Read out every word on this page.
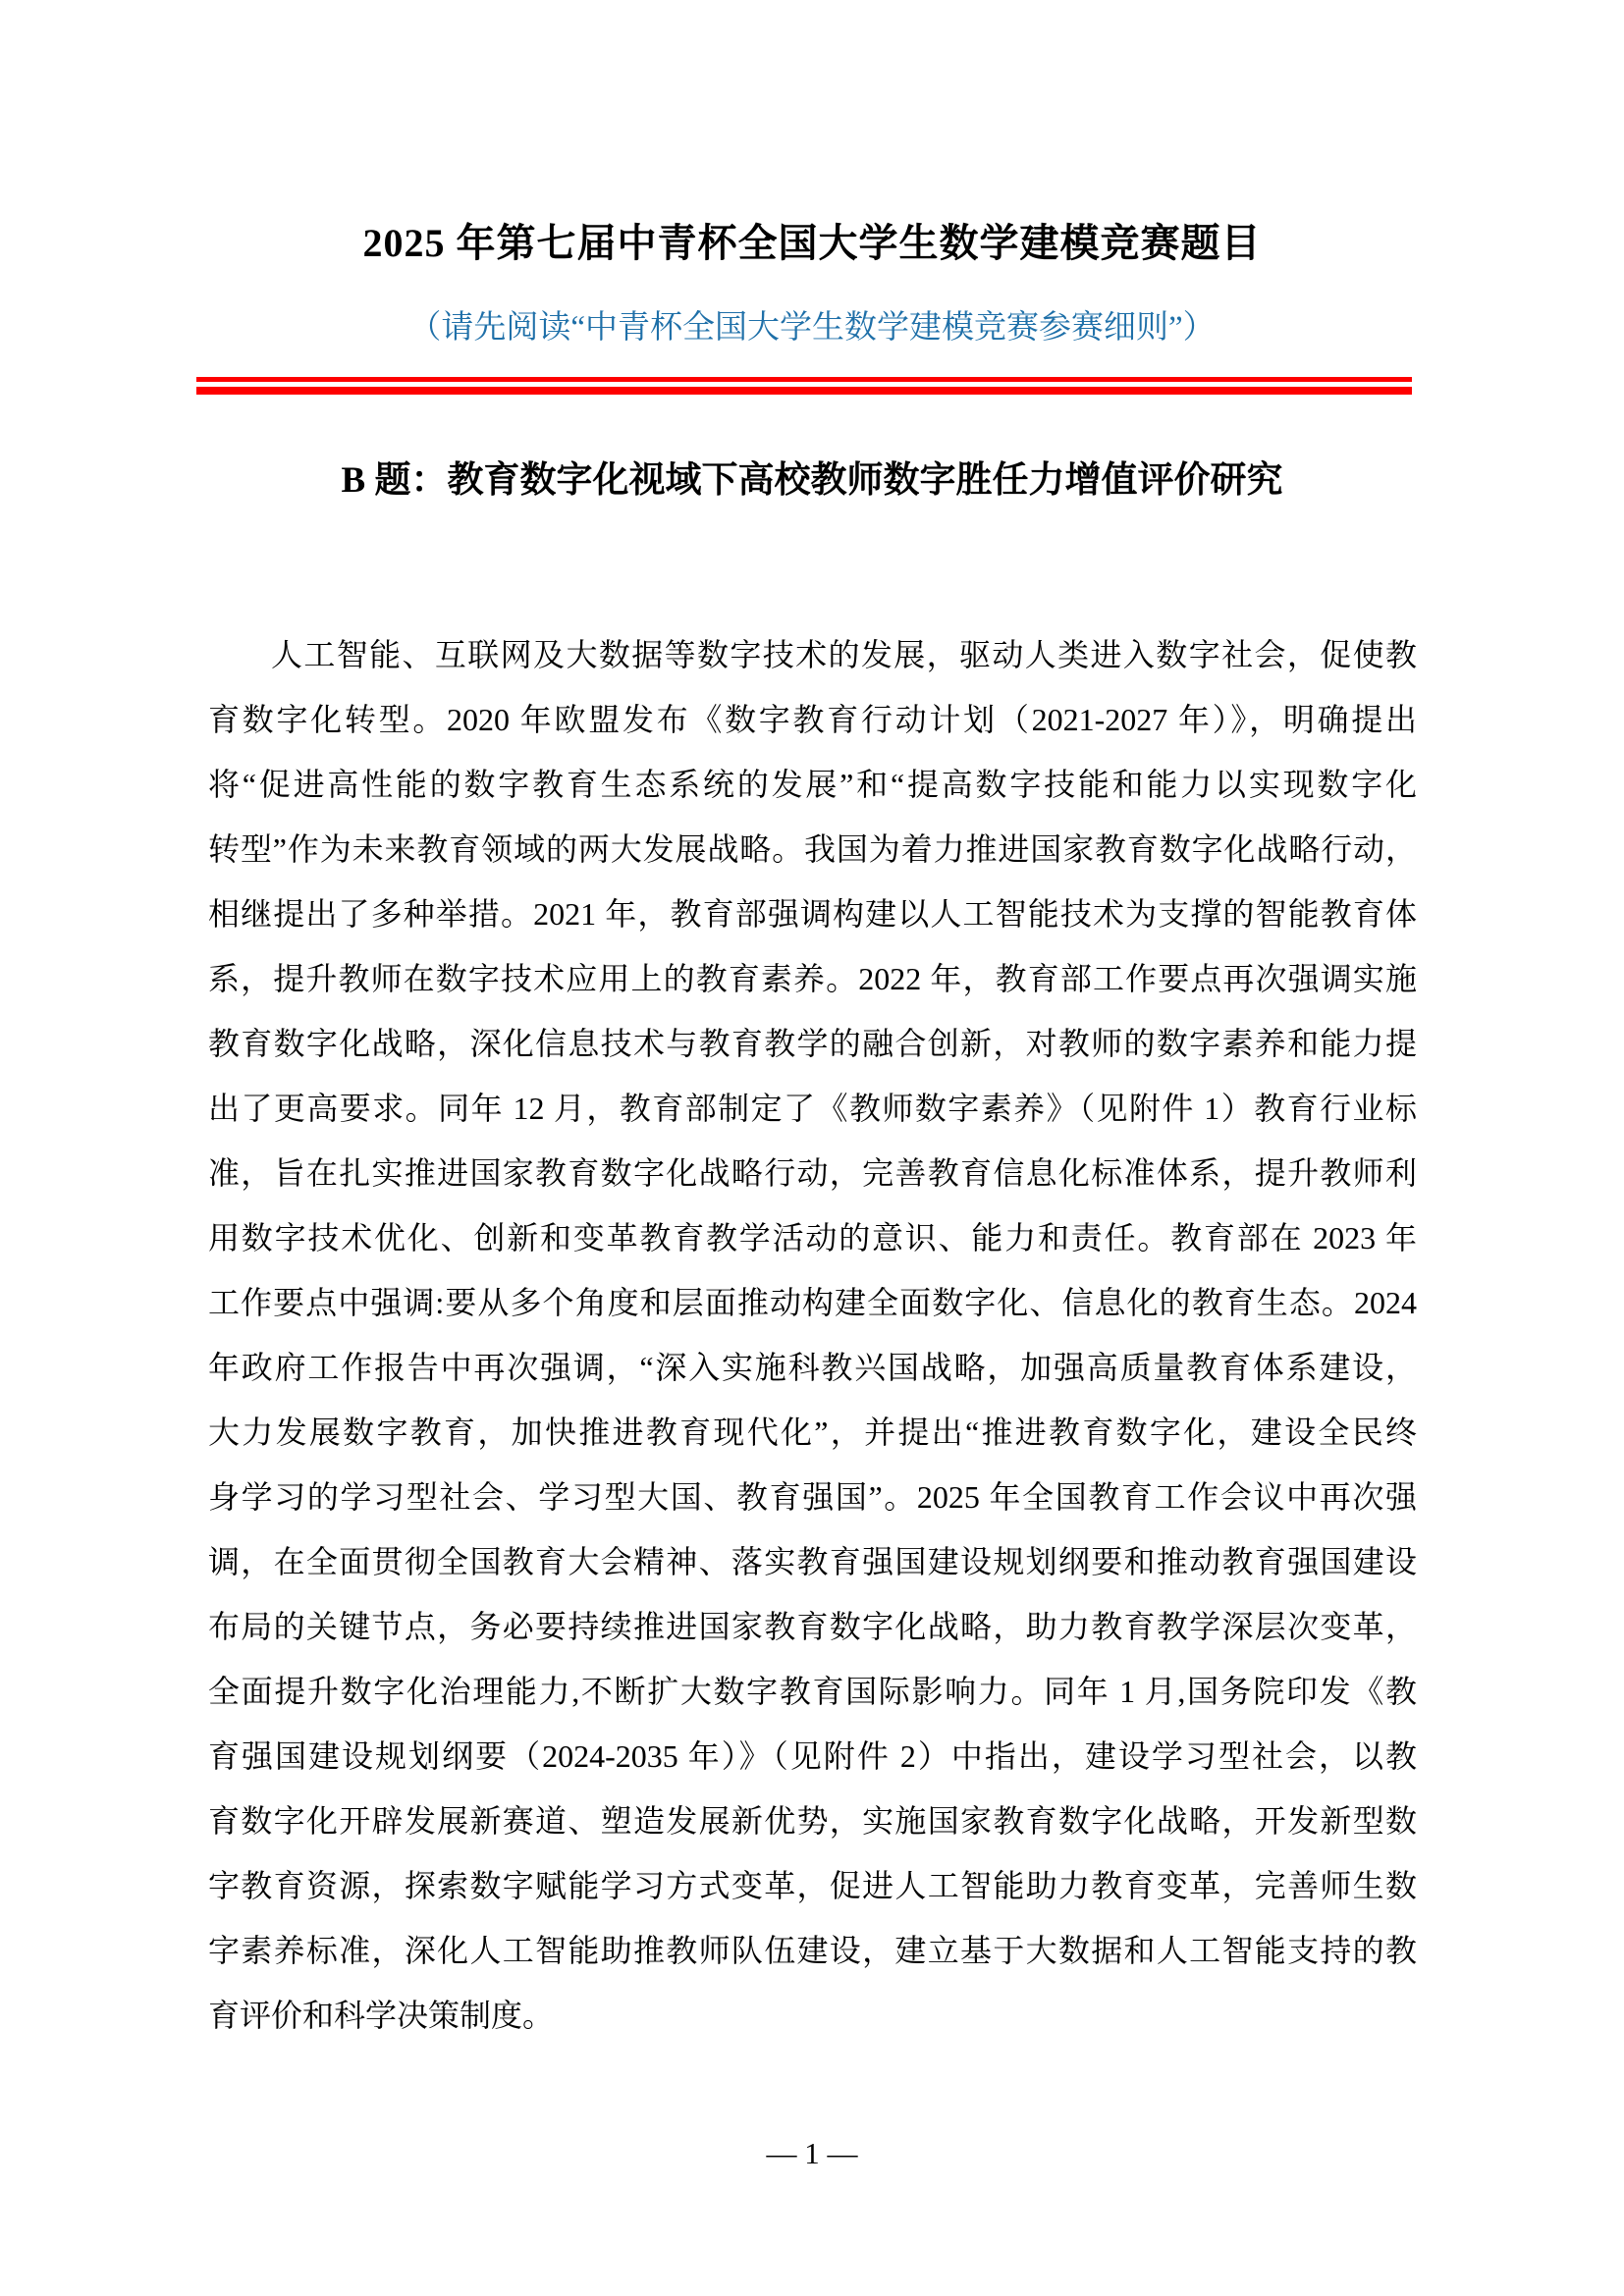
2025 年第七届中青杯全国大学生数学建模竞赛题目
（请先阅读“中青杯全国大学生数学建模竞赛参赛细则”）
B 题：教育数字化视域下高校教师数字胜任力增值评价研究
人工智能、互联网及大数据等数字技术的发展，驱动人类进入数字社会，促使教
育数字化转型。2020 年欧盟发布《数字教育行动计划（2021-2027 年）》，明确提出
将“促进高性能的数字教育生态系统的发展”和“提高数字技能和能力以实现数字化
转型”作为未来教育领域的两大发展战略。我国为着力推进国家教育数字化战略行动，
相继提出了多种举措。2021 年，教育部强调构建以人工智能技术为支撑的智能教育体
系，提升教师在数字技术应用上的教育素养。2022 年，教育部工作要点再次强调实施
教育数字化战略，深化信息技术与教育教学的融合创新，对教师的数字素养和能力提
出了更高要求。同年 12 月，教育部制定了《教师数字素养》（见附件 1）教育行业标
准，旨在扎实推进国家教育数字化战略行动，完善教育信息化标准体系，提升教师利
用数字技术优化、创新和变革教育教学活动的意识、能力和责任。教育部在 2023 年
工作要点中强调:要从多个角度和层面推动构建全面数字化、信息化的教育生态。2024
年政府工作报告中再次强调，“深入实施科教兴国战略，加强高质量教育体系建设，
大力发展数字教育，加快推进教育现代化”，并提出“推进教育数字化，建设全民终
身学习的学习型社会、学习型大国、教育强国”。2025 年全国教育工作会议中再次强
调，在全面贯彻全国教育大会精神、落实教育强国建设规划纲要和推动教育强国建设
布局的关键节点，务必要持续推进国家教育数字化战略，助力教育教学深层次变革，
全面提升数字化治理能力,不断扩大数字教育国际影响力。同年 1 月,国务院印发《教
育强国建设规划纲要（2024-2035 年）》（见附件 2）中指出，建设学习型社会，以教
育数字化开辟发展新赛道、塑造发展新优势，实施国家教育数字化战略，开发新型数
字教育资源，探索数字赋能学习方式变革，促进人工智能助力教育变革，完善师生数
字素养标准，深化人工智能助推教师队伍建设，建立基于大数据和人工智能支持的教
育评价和科学决策制度。
— 1 —
